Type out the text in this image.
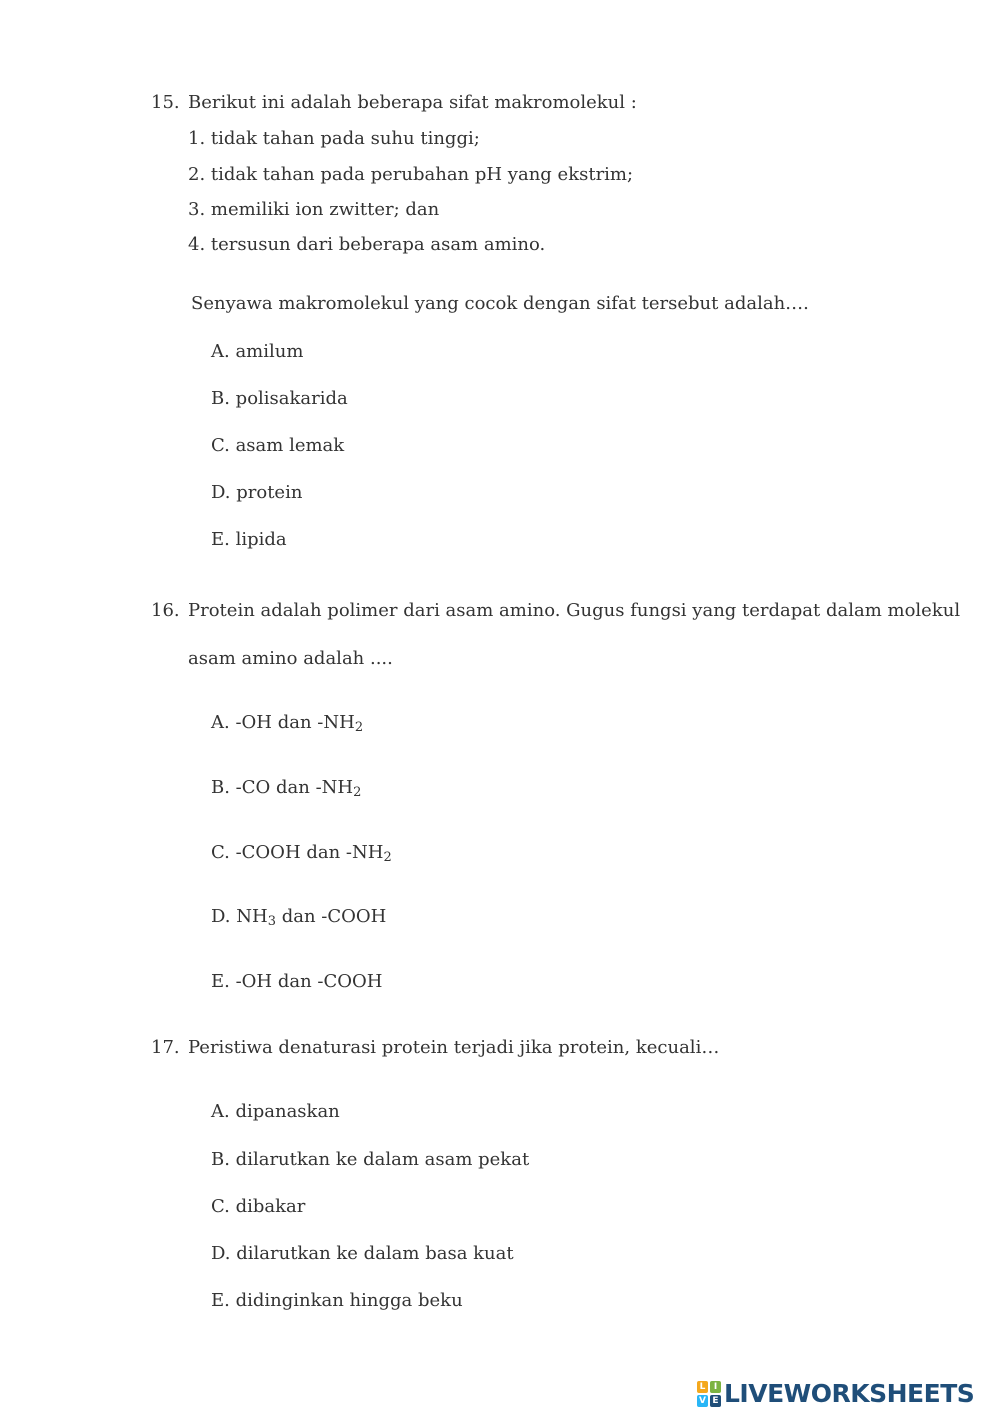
15. Berikut ini adalah beberapa sifat makromolekul :
1. tidak tahan pada suhu tinggi;
2. tidak tahan pada perubahan pH yang ekstrim;
3. memiliki ion zwitter; dan
4. tersusun dari beberapa asam amino.
Senyawa makromolekul yang cocok dengan sifat tersebut adalah….
A. amilum
B. polisakarida
C. asam lemak
D. protein
E. lipida
16. Protein adalah polimer dari asam amino. Gugus fungsi yang terdapat dalam molekul
asam amino adalah ....
A. -OH dan $-NH_2$
B. -CO dan $-NH_2$
C. -COOH dan $-NH_2$
D. $NH_3$ dan -COOH
E. -OH dan -COOH
17. Peristiwa denaturasi protein terjadi jika protein, kecuali…
A. dipanaskan
B. dilarutkan ke dalam asam pekat
C. dibakar
D. dilarutkan ke dalam basa kuat
E. didinginkan hingga beku
L I
V E LIVEWORKSHEETS
